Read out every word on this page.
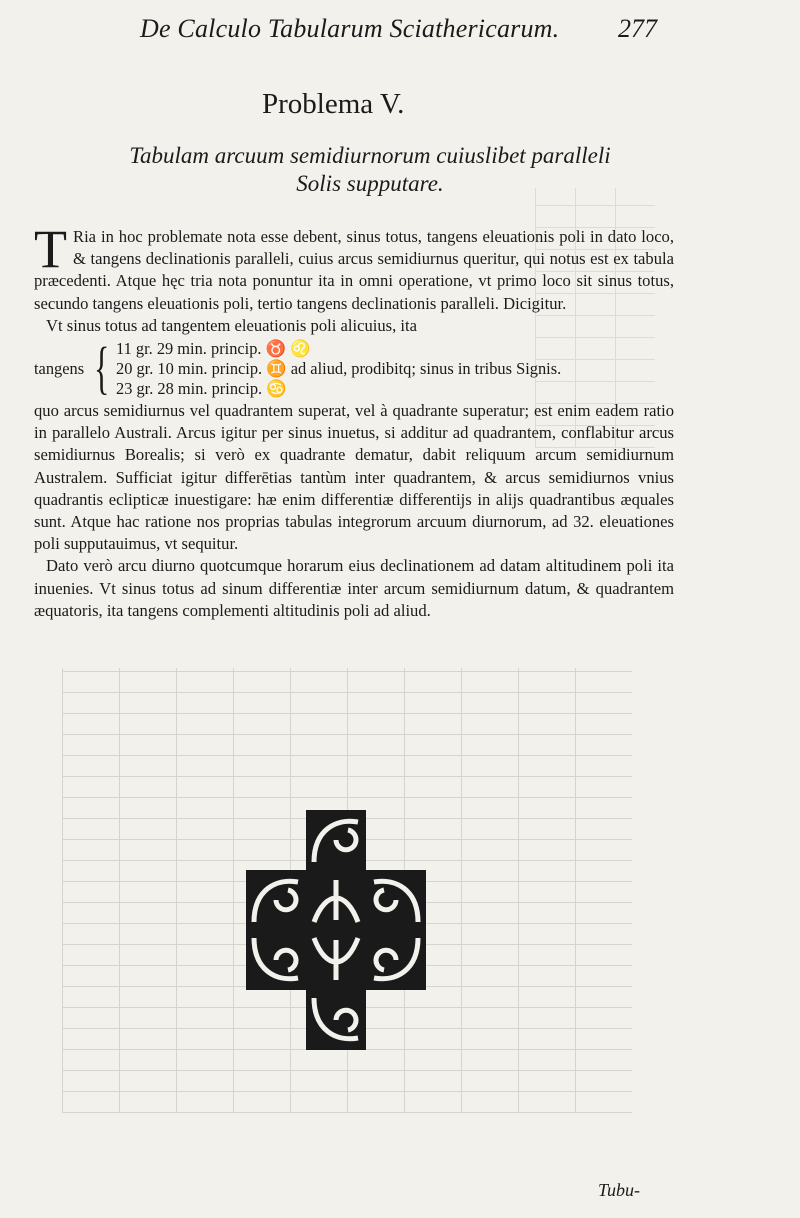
De Calculo Tabularum Sciathericarum. 277
Problema V.
Tabulam arcuum semidiurnorum cuiuslibet paralleli
Solis supputare.

T Ria in hoc problemate nota esse debent, sinus totus, tangens eleuationis poli in dato loco, & tangens declinationis paralleli, cuius arcus semidiurnus queritur, qui notus est ex tabula præcedenti. Atque hęc tria nota ponuntur ita in omni operatione, vt primo loco sit sinus totus, secundo tangens eleuationis poli, tertio tangens declinationis paralleli. Dicigitur.

Vt sinus totus ad tangentem eleuationis poli alicuius, ita

tangens { 11 gr. 29 min. princip. ♉ ♌
20 gr. 10 min. princip. ♊ ad aliud, prodibitq; sinus in tribus Signis.
23 gr. 28 min. princip. ♋

quo arcus semidiurnus vel quadrantem superat, vel à quadrante superatur; est enim eadem ratio in parallelo Australi. Arcus igitur per sinus inuetus, si additur ad quadrantem, conflabitur arcus semidiurnus Borealis; si verò ex quadrante dematur, dabit reliquum arcum semidiurnum Australem. Sufficiat igitur differētias tantùm inter quadrantem, & arcus semidiurnos vnius quadrantis eclipticæ inuestigare: hæ enim differentiæ differentijs in alijs quadrantibus æquales sunt. Atque hac ratione nos proprias tabulas integrorum arcuum diurnorum, ad 32. eleuationes poli supputauimus, vt sequitur.

Dato verò arcu diurno quotcumque horarum eius declinationem ad datam altitudinem poli ita inuenies. Vt sinus totus ad sinum differentiæ inter arcum semidiurnum datum, & quadrantem æquatoris, ita tangens complementi altitudinis poli ad aliud.

Tubu-
